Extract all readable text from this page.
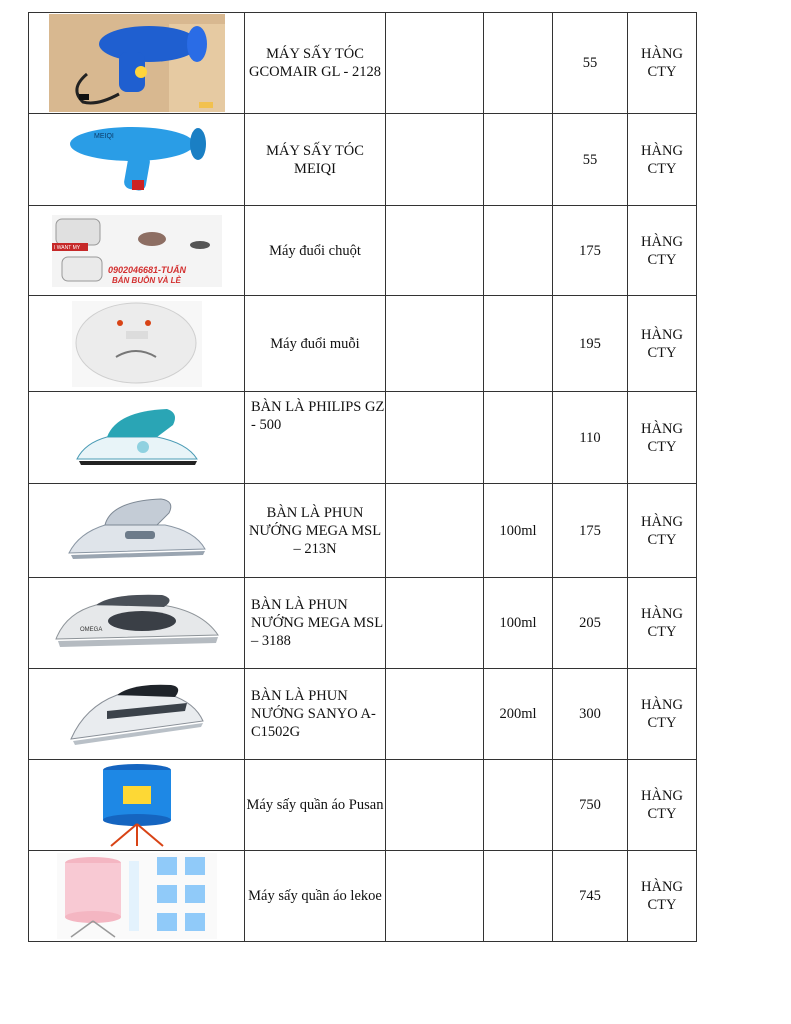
	MÁY SẤY TÓC GCOMAIR GL - 2128			55	HÀNG
CTY

MEIQI	MÁY SẤY TÓC MEIQI			55	HÀNG
CTY

I WANT MY
0902046681-TUẤN
BÁN BUÔN VÀ LẺ	Máy đuổi chuột			175	HÀNG
CTY

	Máy đuổi muỗi			195	HÀNG
CTY

	BÀN LÀ PHILIPS GZ - 500			110	HÀNG
CTY

	BÀN LÀ PHUN NƯỚNG MEGA MSL – 213N		100ml	175	HÀNG
CTY

OMEGA	BÀN LÀ PHUN NƯỚNG MEGA MSL – 3188		100ml	205	HÀNG
CTY

	BÀN LÀ PHUN NƯỚNG SANYO A-C1502G		200ml	300	HÀNG
CTY

	Máy sấy quần áo Pusan			750	HÀNG
CTY

	Máy sấy quần áo lekoe			745	HÀNG
CTY
